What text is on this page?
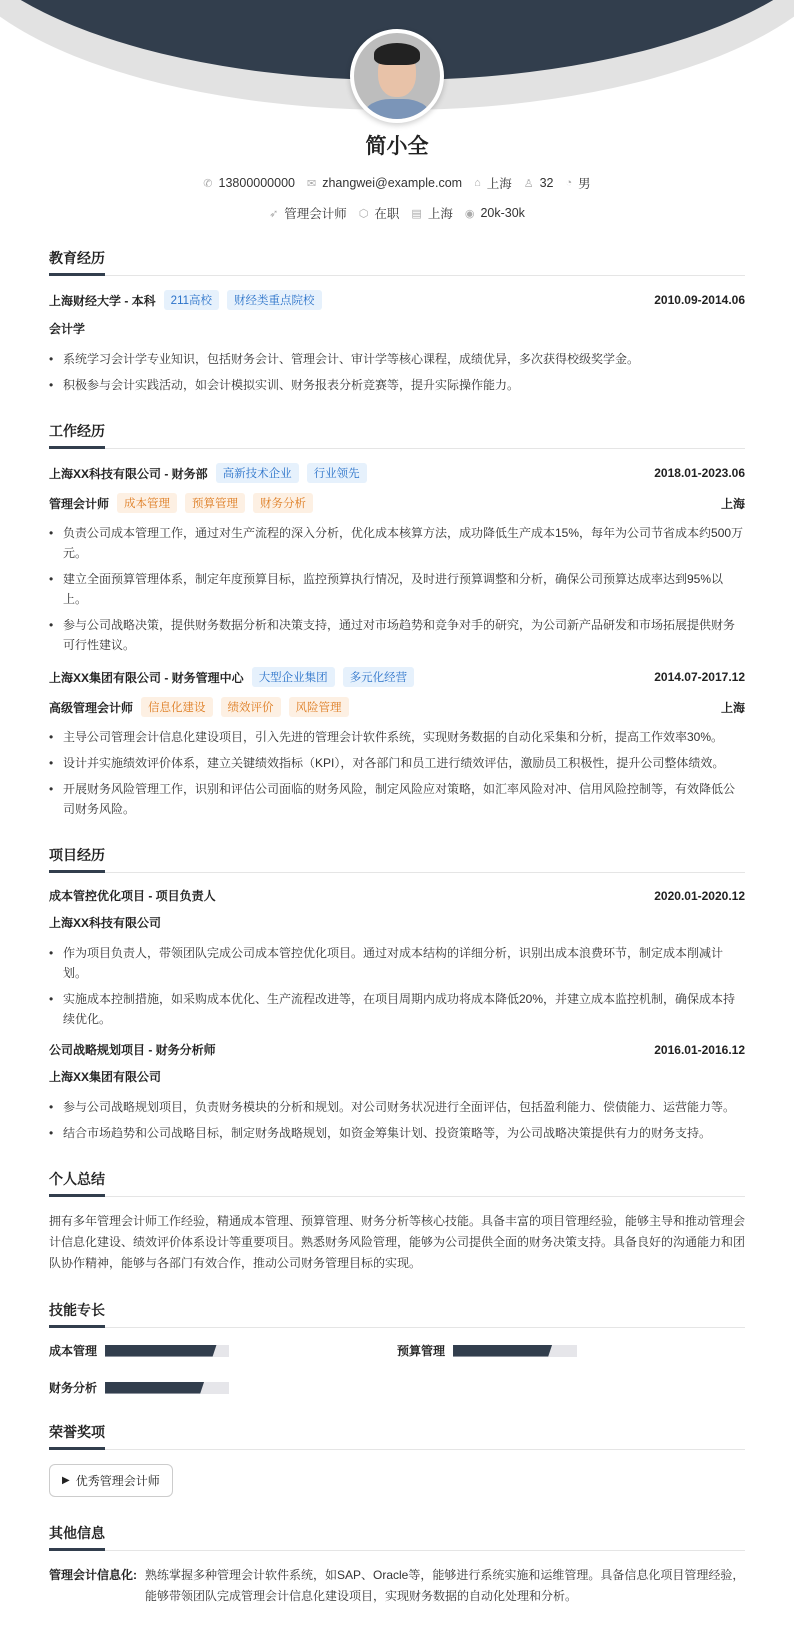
简小全
✆ 13800000000 ✉ zhangwei@example.com ⌂ 上海 ♙ 32 ◔ 男
➶ 管理会计师 ⬡ 在职 ▤ 上海 ◉ 20k-30k
教育经历
上海财经大学 - 本科	211高校	财经类重点院校	2010.09-2014.06
会计学
• 系统学习会计学专业知识，包括财务会计、管理会计、审计学等核心课程，成绩优异，多次获得校级奖学金。
• 积极参与会计实践活动，如会计模拟实训、财务报表分析竞赛等，提升实际操作能力。
工作经历
上海XX科技有限公司 - 财务部	高新技术企业	行业领先	2018.01-2023.06
管理会计师	成本管理	预算管理	财务分析	上海
• 负责公司成本管理工作，通过对生产流程的深入分析，优化成本核算方法，成功降低生产成本15%，每年为公司节省成本约500万元。
• 建立全面预算管理体系，制定年度预算目标，监控预算执行情况，及时进行预算调整和分析，确保公司预算达成率达到95%以上。
• 参与公司战略决策，提供财务数据分析和决策支持，通过对市场趋势和竞争对手的研究，为公司新产品研发和市场拓展提供财务可行性建议。
上海XX集团有限公司 - 财务管理中心	大型企业集团	多元化经营	2014.07-2017.12
高级管理会计师	信息化建设	绩效评价	风险管理	上海
• 主导公司管理会计信息化建设项目，引入先进的管理会计软件系统，实现财务数据的自动化采集和分析，提高工作效率30%。
• 设计并实施绩效评价体系，建立关键绩效指标（KPI），对各部门和员工进行绩效评估，激励员工积极性，提升公司整体绩效。
• 开展财务风险管理工作，识别和评估公司面临的财务风险，制定风险应对策略，如汇率风险对冲、信用风险控制等，有效降低公司财务风险。
项目经历
成本管控优化项目 - 项目负责人	2020.01-2020.12
上海XX科技有限公司
• 作为项目负责人，带领团队完成公司成本管控优化项目。通过对成本结构的详细分析，识别出成本浪费环节，制定成本削减计划。
• 实施成本控制措施，如采购成本优化、生产流程改进等，在项目周期内成功将成本降低20%，并建立成本监控机制，确保成本持续优化。
公司战略规划项目 - 财务分析师	2016.01-2016.12
上海XX集团有限公司
• 参与公司战略规划项目，负责财务模块的分析和规划。对公司财务状况进行全面评估，包括盈利能力、偿债能力、运营能力等。
• 结合市场趋势和公司战略目标，制定财务战略规划，如资金筹集计划、投资策略等，为公司战略决策提供有力的财务支持。
个人总结
拥有多年管理会计师工作经验，精通成本管理、预算管理、财务分析等核心技能。具备丰富的项目管理经验，能够主导和推动管理会计信息化建设、绩效评价体系设计等重要项目。熟悉财务风险管理，能够为公司提供全面的财务决策支持。具备良好的沟通能力和团队协作精神，能够与各部门有效合作，推动公司财务管理目标的实现。
技能专长
成本管理	预算管理
财务分析
荣誉奖项
▶ 优秀管理会计师
其他信息
管理会计信息化: 熟练掌握多种管理会计软件系统，如SAP、Oracle等，能够进行系统实施和运维管理。具备信息化项目管理经验，能够带领团队完成管理会计信息化建设项目，实现财务数据的自动化处理和分析。
